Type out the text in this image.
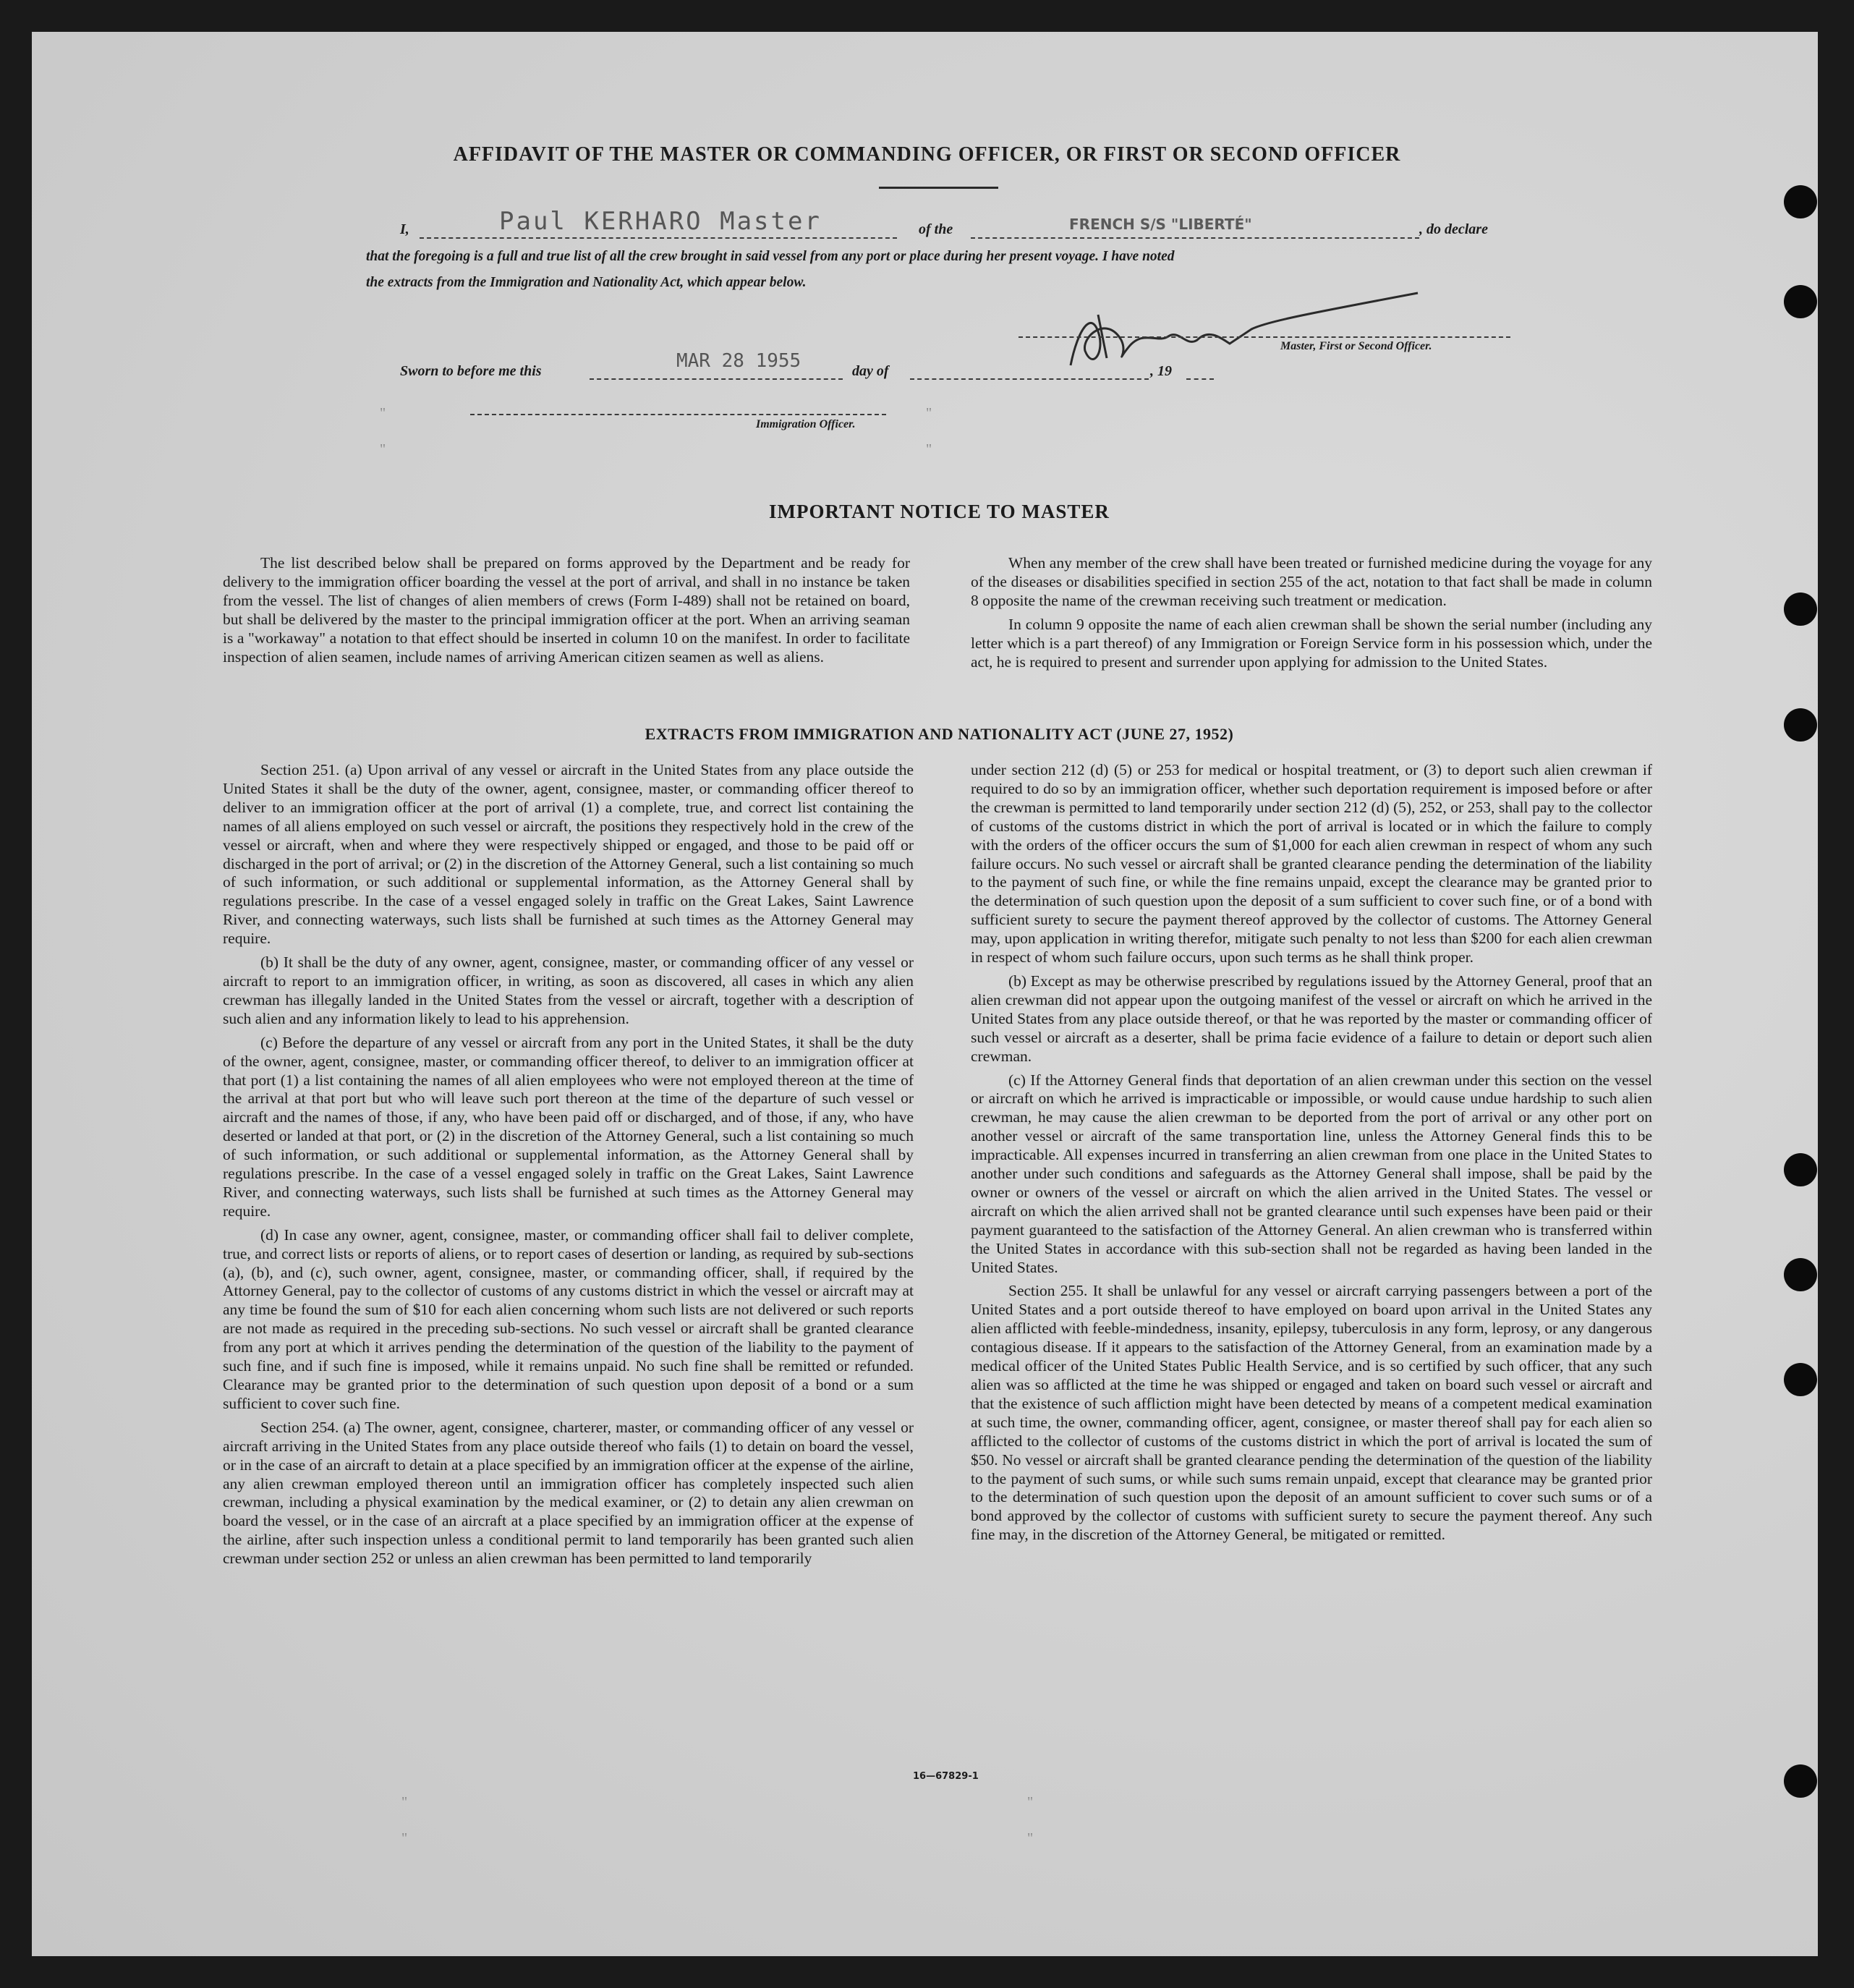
"
"
"
"
"
"
"
"
AFFIDAVIT OF THE MASTER OR COMMANDING OFFICER, OR FIRST OR SECOND OFFICER
I,	Paul KERHARO Master	of the	FRENCH S/S "LIBERTÉ"	, do declare
that the foregoing is a full and true list of all the crew brought in said vessel from any port or place during her present voyage. I have noted
the extracts from the Immigration and Nationality Act, which appear below.
Master, First or Second Officer.
Sworn to before me this	MAR 28 1955	day of	, 19
Immigration Officer.
IMPORTANT NOTICE TO MASTER

The list described below shall be prepared on forms approved by the Department and be ready for delivery to the immigration officer boarding the vessel at the port of arrival, and shall in no instance be taken from the vessel. The list of changes of alien members of crews (Form I-489) shall not be retained on board, but shall be delivered by the master to the principal immigration officer at the port. When an arriving seaman is a "workaway" a notation to that effect should be inserted in column 10 on the manifest. In order to facilitate inspection of alien seamen, include names of arriving American citizen seamen as well as aliens.

When any member of the crew shall have been treated or furnished medicine during the voyage for any of the diseases or disabilities specified in section 255 of the act, notation to that fact shall be made in column 8 opposite the name of the crewman receiving such treatment or medication.

In column 9 opposite the name of each alien crewman shall be shown the serial number (including any letter which is a part thereof) of any Immigration or Foreign Service form in his possession which, under the act, he is required to present and surrender upon applying for admission to the United States.

EXTRACTS FROM IMMIGRATION AND NATIONALITY ACT (JUNE 27, 1952)

Section 251. (a) Upon arrival of any vessel or aircraft in the United States from any place outside the United States it shall be the duty of the owner, agent, consignee, master, or commanding officer thereof to deliver to an immigration officer at the port of arrival (1) a complete, true, and correct list containing the names of all aliens employed on such vessel or aircraft, the positions they respectively hold in the crew of the vessel or aircraft, when and where they were respectively shipped or engaged, and those to be paid off or discharged in the port of arrival; or (2) in the discretion of the Attorney General, such a list containing so much of such information, or such additional or supplemental information, as the Attorney General shall by regulations prescribe. In the case of a vessel engaged solely in traffic on the Great Lakes, Saint Lawrence River, and connecting waterways, such lists shall be furnished at such times as the Attorney General may require.

(b) It shall be the duty of any owner, agent, consignee, master, or commanding officer of any vessel or aircraft to report to an immigration officer, in writing, as soon as discovered, all cases in which any alien crewman has illegally landed in the United States from the vessel or aircraft, together with a description of such alien and any information likely to lead to his apprehension.

(c) Before the departure of any vessel or aircraft from any port in the United States, it shall be the duty of the owner, agent, consignee, master, or commanding officer thereof, to deliver to an immigration officer at that port (1) a list containing the names of all alien employees who were not employed thereon at the time of the arrival at that port but who will leave such port thereon at the time of the departure of such vessel or aircraft and the names of those, if any, who have been paid off or discharged, and of those, if any, who have deserted or landed at that port, or (2) in the discretion of the Attorney General, such a list containing so much of such information, or such additional or supplemental information, as the Attorney General shall by regulations prescribe. In the case of a vessel engaged solely in traffic on the Great Lakes, Saint Lawrence River, and connecting waterways, such lists shall be furnished at such times as the Attorney General may require.

(d) In case any owner, agent, consignee, master, or commanding officer shall fail to deliver complete, true, and correct lists or reports of aliens, or to report cases of desertion or landing, as required by sub-sections (a), (b), and (c), such owner, agent, consignee, master, or commanding officer, shall, if required by the Attorney General, pay to the collector of customs of any customs district in which the vessel or aircraft may at any time be found the sum of $10 for each alien concerning whom such lists are not delivered or such reports are not made as required in the preceding sub-sections. No such vessel or aircraft shall be granted clearance from any port at which it arrives pending the determination of the question of the liability to the payment of such fine, and if such fine is imposed, while it remains unpaid. No such fine shall be remitted or refunded. Clearance may be granted prior to the determination of such question upon deposit of a bond or a sum sufficient to cover such fine.

Section 254. (a) The owner, agent, consignee, charterer, master, or commanding officer of any vessel or aircraft arriving in the United States from any place outside thereof who fails (1) to detain on board the vessel, or in the case of an aircraft to detain at a place specified by an immigration officer at the expense of the airline, any alien crewman employed thereon until an immigration officer has completely inspected such alien crewman, including a physical examination by the medical examiner, or (2) to detain any alien crewman on board the vessel, or in the case of an aircraft at a place specified by an immigration officer at the expense of the airline, after such inspection unless a conditional permit to land temporarily has been granted such alien crewman under section 252 or unless an alien crewman has been permitted to land temporarily

under section 212 (d) (5) or 253 for medical or hospital treatment, or (3) to deport such alien crewman if required to do so by an immigration officer, whether such deportation requirement is imposed before or after the crewman is permitted to land temporarily under section 212 (d) (5), 252, or 253, shall pay to the collector of customs of the customs district in which the port of arrival is located or in which the failure to comply with the orders of the officer occurs the sum of $1,000 for each alien crewman in respect of whom any such failure occurs. No such vessel or aircraft shall be granted clearance pending the determination of the liability to the payment of such fine, or while the fine remains unpaid, except the clearance may be granted prior to the determination of such question upon the deposit of a sum sufficient to cover such fine, or of a bond with sufficient surety to secure the payment thereof approved by the collector of customs. The Attorney General may, upon application in writing therefor, mitigate such penalty to not less than $200 for each alien crewman in respect of whom such failure occurs, upon such terms as he shall think proper.

(b) Except as may be otherwise prescribed by regulations issued by the Attorney General, proof that an alien crewman did not appear upon the outgoing manifest of the vessel or aircraft on which he arrived in the United States from any place outside thereof, or that he was reported by the master or commanding officer of such vessel or aircraft as a deserter, shall be prima facie evidence of a failure to detain or deport such alien crewman.

(c) If the Attorney General finds that deportation of an alien crewman under this section on the vessel or aircraft on which he arrived is impracticable or impossible, or would cause undue hardship to such alien crewman, he may cause the alien crewman to be deported from the port of arrival or any other port on another vessel or aircraft of the same transportation line, unless the Attorney General finds this to be impracticable. All expenses incurred in transferring an alien crewman from one place in the United States to another under such conditions and safeguards as the Attorney General shall impose, shall be paid by the owner or owners of the vessel or aircraft on which the alien arrived in the United States. The vessel or aircraft on which the alien arrived shall not be granted clearance until such expenses have been paid or their payment guaranteed to the satisfaction of the Attorney General. An alien crewman who is transferred within the United States in accordance with this sub-section shall not be regarded as having been landed in the United States.

Section 255. It shall be unlawful for any vessel or aircraft carrying passengers between a port of the United States and a port outside thereof to have employed on board upon arrival in the United States any alien afflicted with feeble-mindedness, insanity, epilepsy, tuberculosis in any form, leprosy, or any dangerous contagious disease. If it appears to the satisfaction of the Attorney General, from an examination made by a medical officer of the United States Public Health Service, and is so certified by such officer, that any such alien was so afflicted at the time he was shipped or engaged and taken on board such vessel or aircraft and that the existence of such affliction might have been detected by means of a competent medical examination at such time, the owner, commanding officer, agent, consignee, or master thereof shall pay for each alien so afflicted to the collector of customs of the customs district in which the port of arrival is located the sum of $50. No vessel or aircraft shall be granted clearance pending the determination of the question of the liability to the payment of such sums, or while such sums remain unpaid, except that clearance may be granted prior to the determination of such question upon the deposit of an amount sufficient to cover such sums or of a bond approved by the collector of customs with sufficient surety to secure the payment thereof. Any such fine may, in the discretion of the Attorney General, be mitigated or remitted.

16—67829-1
